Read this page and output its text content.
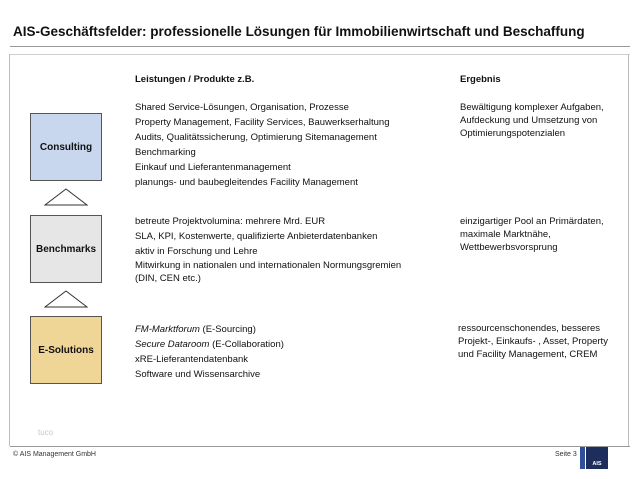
AIS-Geschäftsfelder: professionelle Lösungen für Immobilienwirtschaft und Beschaffung
Leistungen / Produkte z.B.	Ergebnis
Consulting
Shared Service-Lösungen, Organisation, Prozesse
Property Management, Facility Services, Bauwerkserhaltung
Audits, Qualitätssicherung, Optimierung Sitemanagement
Benchmarking
Einkauf und Lieferantenmanagement
planungs- und baubegleitendes Facility Management
Bewältigung komplexer Aufgaben,
Aufdeckung und Umsetzung von
Optimierungspotenzialen
Benchmarks
betreute Projektvolumina: mehrere Mrd. EUR
SLA, KPI, Kostenwerte, qualifizierte Anbieterdatenbanken
aktiv in Forschung und Lehre
Mitwirkung in nationalen und internationalen Normungsgremien
(DIN, CEN etc.)
einzigartiger Pool an Primärdaten,
maximale Marktnähe,
Wettbewerbsvorsprung
E-Solutions
FM-Marktforum (E-Sourcing)
Secure Dataroom (E-Collaboration)
xRE-Lieferantendatenbank
Software und Wissensarchive
ressourcenschonendes, besseres
Projekt-, Einkaufs- , Asset, Property
und Facility Management, CREM
tuco
© AIS Management GmbH	Seite 3
AIS
